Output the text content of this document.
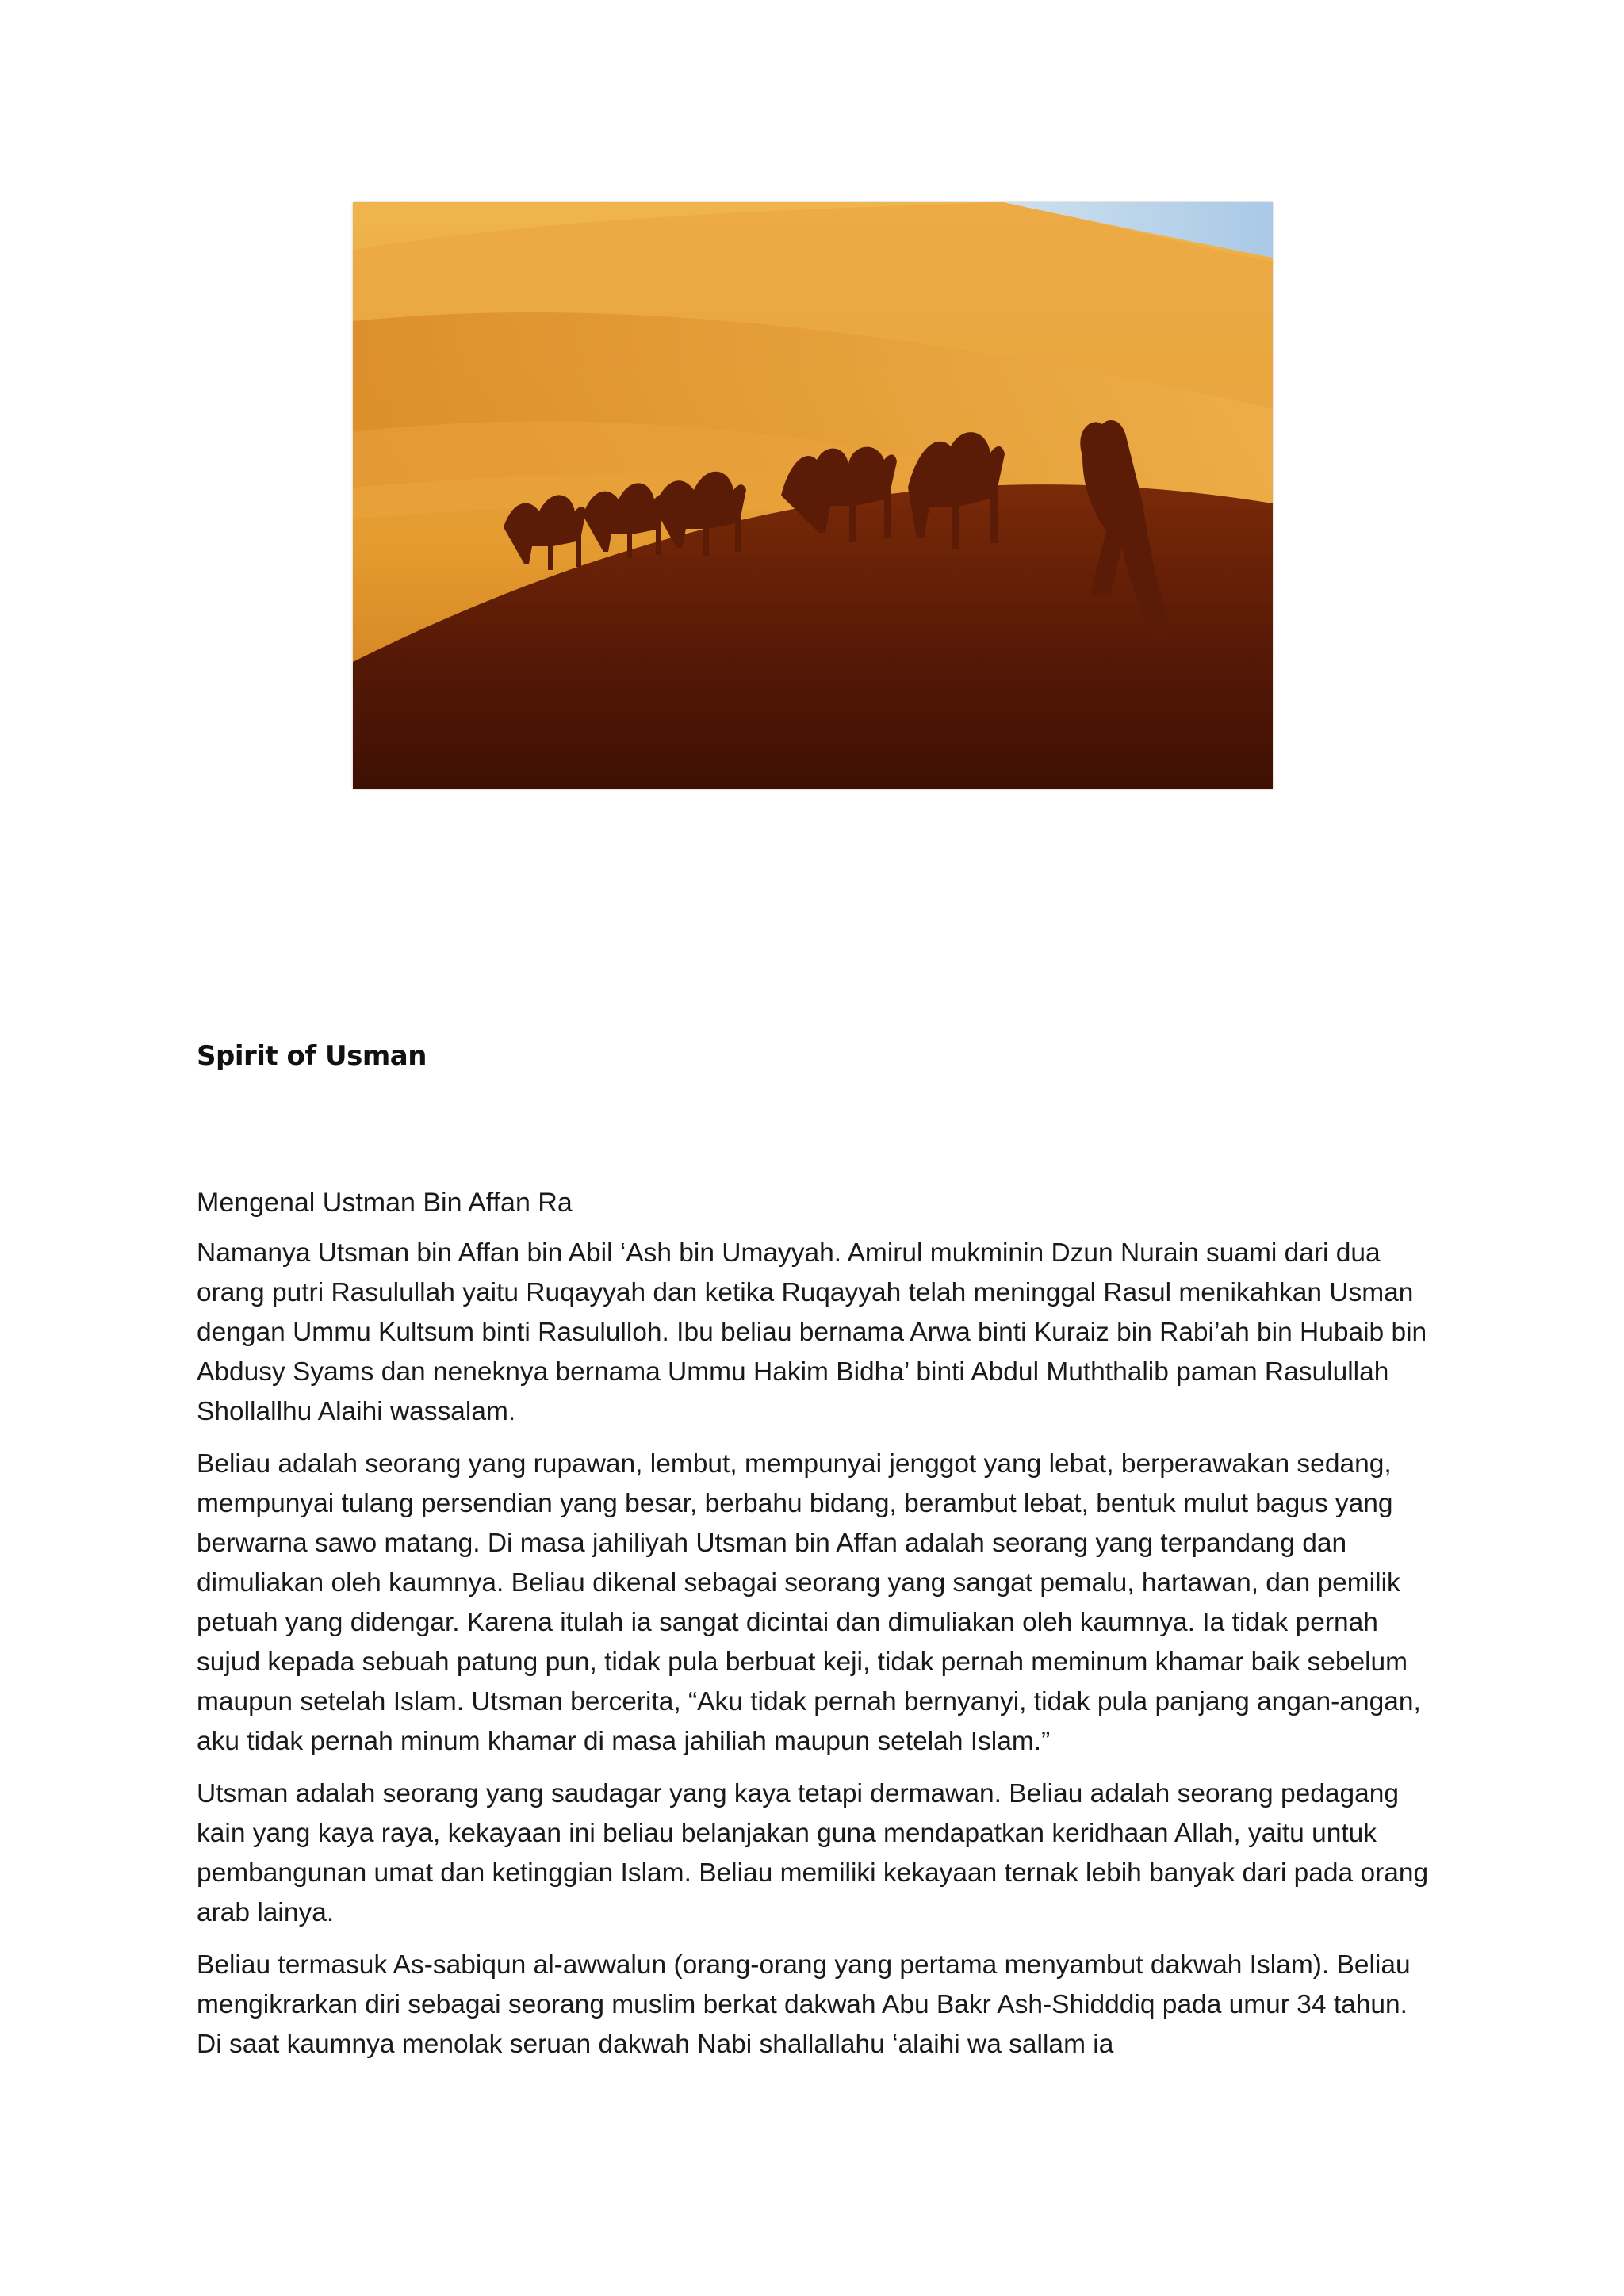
Spirit of Usman
Mengenal Ustman Bin Affan Ra

Namanya Utsman bin Affan bin Abil ‘Ash bin Umayyah. Amirul mukminin Dzun Nurain suami dari dua orang putri Rasulullah yaitu Ruqayyah dan ketika Ruqayyah telah meninggal Rasul menikahkan Usman dengan Ummu Kultsum binti Rasululloh. Ibu beliau bernama Arwa binti Kuraiz bin Rabi’ah bin Hubaib bin Abdusy Syams dan neneknya bernama Ummu Hakim Bidha’ binti Abdul Muththalib paman Rasulullah Shollallhu Alaihi wassalam.

Beliau adalah seorang yang rupawan, lembut, mempunyai jenggot yang lebat, berperawakan sedang, mempunyai tulang persendian yang besar, berbahu bidang, berambut lebat, bentuk mulut bagus yang berwarna sawo matang. Di masa jahiliyah Utsman bin Affan adalah seorang yang terpandang dan dimuliakan oleh kaumnya. Beliau dikenal sebagai seorang yang sangat pemalu, hartawan, dan pemilik petuah yang didengar. Karena itulah ia sangat dicintai dan dimuliakan oleh kaumnya. Ia tidak pernah sujud kepada sebuah patung pun, tidak pula berbuat keji, tidak pernah meminum khamar baik sebelum maupun setelah Islam. Utsman bercerita, “Aku tidak pernah bernyanyi, tidak pula panjang angan-angan, aku tidak pernah minum khamar di masa jahiliah maupun setelah Islam.”

Utsman adalah seorang yang saudagar yang kaya tetapi dermawan. Beliau adalah seorang pedagang kain yang kaya raya, kekayaan ini beliau belanjakan guna mendapatkan keridhaan Allah, yaitu untuk pembangunan umat dan ketinggian Islam. Beliau memiliki kekayaan ternak lebih banyak dari pada orang arab lainya.

Beliau termasuk As-sabiqun al-awwalun (orang-orang yang pertama menyambut dakwah Islam). Beliau mengikrarkan diri sebagai seorang muslim berkat dakwah Abu Bakr Ash-Shidddiq pada umur 34 tahun. Di saat kaumnya menolak seruan dakwah Nabi shallallahu ‘alaihi wa sallam ia
